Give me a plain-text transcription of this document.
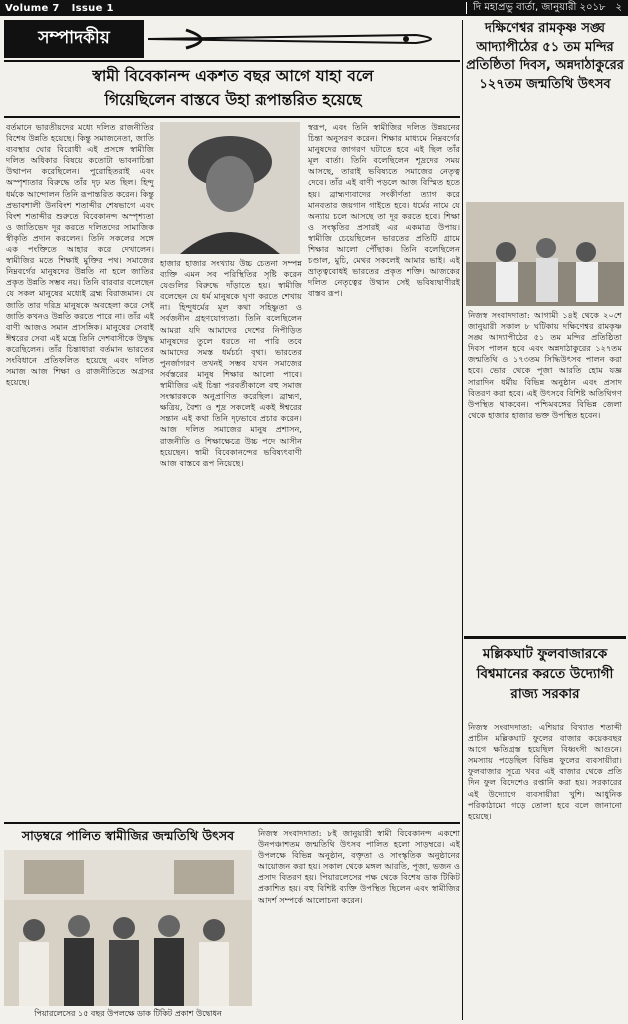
Volume 7	Issue 1	দি মহাপ্রভু বার্তা, জানুয়ারী ২০১৮	২
সম্পাদকীয়
স্বামী বিবেকানন্দ একশত বছর আগে যাহা বলে
গিয়েছিলেন বাস্তবে উহা রূপান্তরিত হয়েছে
বর্তমানে ভারতীয়দের মধ্যে দলিত রাজনীতির বিশেষ উন্নতি হয়েছে। কিন্তু সমাজনেতা, জাতি ব্যবস্থার ঘোর বিরোধী এই প্রসঙ্গে স্বামীজি দলিত অধিকার বিষয়ে কতোটা ভাবনাচিন্তা উত্থাপন করেছিলেন। পুরোহিতরাই এবং অস্পৃশ্যতার বিরুদ্ধে তাঁর দৃঢ় মত ছিল। হিন্দু ধর্মকে আন্দোলন তিনি রূপান্তরিত করেন। কিন্তু প্রভাবশালী উনবিংশ শতাব্দীর শেষভাগে এবং বিংশ শতাব্দীর শুরুতে বিবেকানন্দ অস্পৃশ্যতা ও জাতিভেদ দূর করতে দলিতদের সামাজিক স্বীকৃতি প্রদান করলেন। তিনি সকলের সঙ্গে এক পংক্তিতে আহার করে দেখালেন। স্বামীজির মতে শিক্ষাই মুক্তির পথ। সমাজের নিম্নবর্গের মানুষদের উন্নতি না হলে জাতির প্রকৃত উন্নতি সম্ভব নয়। তিনি বারবার বলেছেন যে সকল মানুষের মধ্যেই ব্রহ্ম বিরাজমান। যে জাতি তার দরিদ্র মানুষকে অবহেলা করে সেই জাতি কখনও উন্নতি করতে পারে না। তাঁর এই বাণী আজও সমান প্রাসঙ্গিক। মানুষের সেবাই ঈশ্বরের সেবা এই মন্ত্রে তিনি দেশবাসীকে উদ্বুদ্ধ করেছিলেন। তাঁর চিন্তাধারা বর্তমান ভারতের সংবিধানে প্রতিফলিত হয়েছে এবং দলিত সমাজ আজ শিক্ষা ও রাজনীতিতে অগ্রসর হয়েছে।
হাজার হাজার সংখ্যায় উচ্চ চেতনা সম্পন্ন ব্যক্তি এমন সব পরিস্থিতির সৃষ্টি করেন যেগুলির বিরুদ্ধে দাঁড়াতে হয়। স্বামীজি বলেছেন যে ধর্ম মানুষকে ঘৃণা করতে শেখায় না। হিন্দুধর্মের মূল কথা সহিষ্ণুতা ও সর্বজনীন গ্রহণযোগ্যতা। তিনি বলেছিলেন আমরা যদি আমাদের দেশের নিপীড়িত মানুষদের তুলে ধরতে না পারি তবে আমাদের সমস্ত ধর্মচর্চা বৃথা। ভারতের পুনর্জাগরণ তখনই সম্ভব যখন সমাজের সর্বস্তরের মানুষ শিক্ষার আলো পাবে। স্বামীজির এই চিন্তা পরবর্তীকালে বহু সমাজ সংস্কারককে অনুপ্রাণিত করেছিল। ব্রাহ্মণ, ক্ষত্রিয়, বৈশ্য ও শূদ্র সকলেই একই ঈশ্বরের সন্তান এই কথা তিনি দৃঢ়ভাবে প্রচার করেন। আজ দলিত সমাজের মানুষ প্রশাসন, রাজনীতি ও শিক্ষাক্ষেত্রে উচ্চ পদে আসীন হয়েছেন। স্বামী বিবেকানন্দের ভবিষ্যৎবাণী আজ বাস্তবে রূপ নিয়েছে।
স্বরূপ, এবং তিনি স্বামীজির দলিত উন্নয়নের চিন্তা অনুসরণ করেন। শিক্ষার মাধ্যমে নিম্নবর্গের মানুষদের জাগরণ ঘটাতে হবে এই ছিল তাঁর মূল বার্তা। তিনি বলেছিলেন শূদ্রদের সময় আসছে, তারাই ভবিষ্যতে সমাজের নেতৃত্ব দেবে। তাঁর এই বাণী পড়লে আজ বিস্মিত হতে হয়। ব্রাহ্মণ্যবাদের সংকীর্ণতা ত্যাগ করে মানবতার জয়গান গাইতে হবে। ধর্মের নামে যে অন্যায় চলে আসছে তা দূর করতে হবে। শিক্ষা ও সংস্কৃতির প্রসারই এর একমাত্র উপায়। স্বামীজি চেয়েছিলেন ভারতের প্রতিটি গ্রামে শিক্ষার আলো পৌঁছাক। তিনি বলেছিলেন চণ্ডাল, মুচি, মেথর সকলেই আমার ভাই। এই ভ্রাতৃত্ববোধই ভারতের প্রকৃত শক্তি। আজকের দলিত নেতৃত্বের উত্থান সেই ভবিষ্যদ্বাণীরই বাস্তব রূপ।
দক্ষিণেশ্বর রামকৃষ্ণ সঙ্ঘ আদ্যাপীঠের ৫১ তম মন্দির প্রতিষ্ঠিতা দিবস, অন্নদাঠাকুরের ১২৭তম জন্মতিথি উৎসব
নিজস্ব সংবাদদাতা: আগামী ১৪ই থেকে ২০শে জানুয়ারী সকাল ৮ ঘটিকায় দক্ষিণেশ্বর রামকৃষ্ণ সঙ্ঘ আদ্যাপীঠের ৫১ তম মন্দির প্রতিষ্ঠিতা দিবস পালন হবে এবং অন্নদাঠাকুরের ১২৭তম জন্মতিথি ও ১৭৩তম সিদ্ধিউৎসব পালন করা হবে। ভোর থেকে পূজা আরতি হোম যজ্ঞ সারাদিন ধর্মীয় বিভিন্ন অনুষ্ঠান এবং প্রসাদ বিতরণ করা হবে। এই উৎসবে বিশিষ্ট অতিথিগণ উপস্থিত থাকবেন। পশ্চিমবঙ্গের বিভিন্ন জেলা থেকে হাজার হাজার ভক্ত উপস্থিত হবেন।
মল্লিকঘাট ফুলবাজারকে বিশ্বমানের করতে উদ্যোগী রাজ্য সরকার
নিজস্ব সংবাদদাতা: এশিয়ার বিখ্যাত শতাব্দী প্রাচীন মল্লিকঘাট ফুলের বাজার কয়েকবছর আগে ক্ষতিগ্রস্ত হয়েছিল বিধ্বংসী আগুনে। সমস্যায় পড়েছিল বিভিন্ন ফুলের ব্যবসায়ীরা। ফুলবাজার সূত্রে খবর এই বাজার থেকে প্রতি দিন ফুল বিদেশেও রপ্তানি করা হয়। সরকারের এই উদ্যোগে ব্যবসায়ীরা খুশি। আধুনিক পরিকাঠামো গড়ে তোলা হবে বলে জানানো হয়েছে।
সাড়ম্বরে পালিত স্বামীজির জন্মতিথি উৎসব
পিয়ারলেসের ১৫ বছর উপলক্ষে ডাক টিকিট প্রকাশ উদ্বোধন
নিজস্ব সংবাদদাতা: ৮ই জানুয়ারী স্বামী বিবেকানন্দ একশো উনপঞ্চাশতম জন্মতিথি উৎসব পালিত হলো সাড়ম্বরে। এই উপলক্ষে বিভিন্ন অনুষ্ঠান, বক্তৃতা ও সাংস্কৃতিক অনুষ্ঠানের আয়োজন করা হয়। সকাল থেকে মঙ্গল আরতি, পূজা, ভজন ও প্রসাদ বিতরণ হয়। পিয়ারলেসের পক্ষ থেকে বিশেষ ডাক টিকিট প্রকাশিত হয়। বহু বিশিষ্ট ব্যক্তি উপস্থিত ছিলেন এবং স্বামীজির আদর্শ সম্পর্কে আলোচনা করেন।
